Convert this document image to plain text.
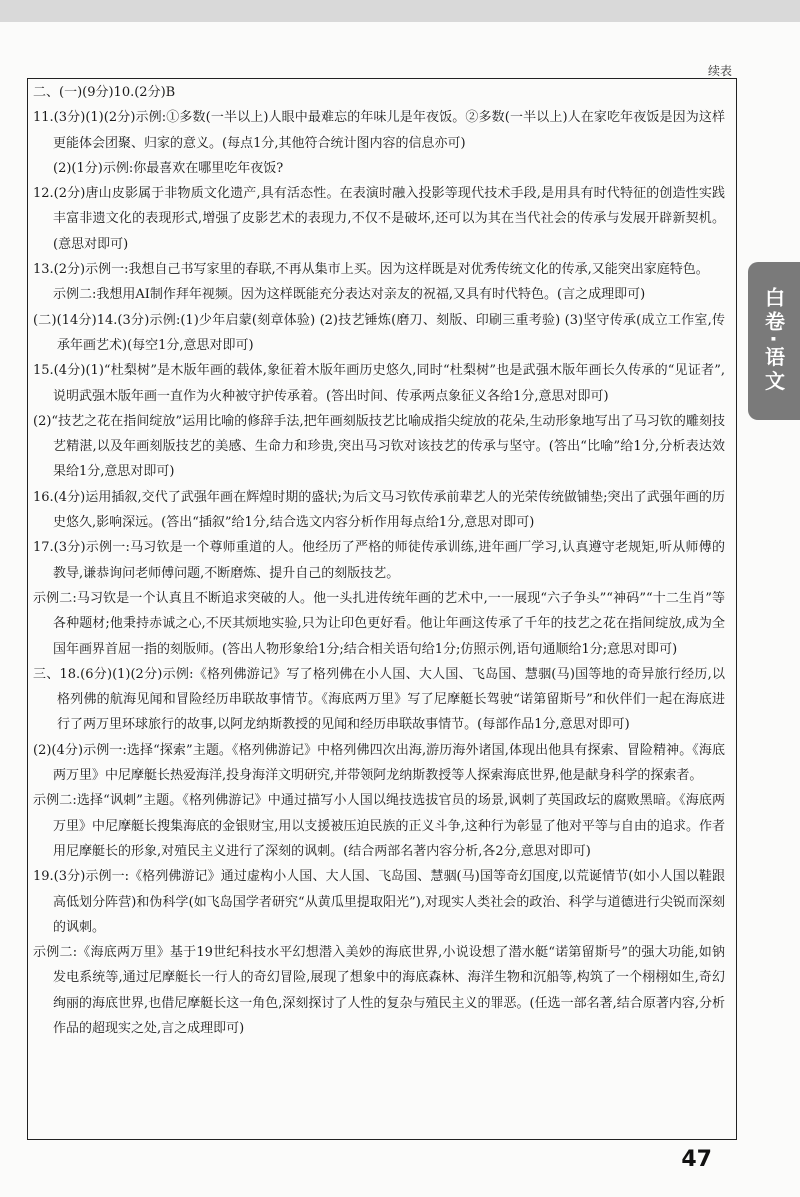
续表
白卷·语文

二、(一)(9分)10.(2分)B

11.(3分)(1)(2分)示例:①多数(一半以上)人眼中最难忘的年味儿是年夜饭。②多数(一半以上)人在家吃年夜饭是因为这样更能体会团聚、归家的意义。(每点1分,其他符合统计图内容的信息亦可)

(2)(1分)示例:你最喜欢在哪里吃年夜饭?

12.(2分)唐山皮影属于非物质文化遗产,具有活态性。在表演时融入投影等现代技术手段,是用具有时代特征的创造性实践丰富非遗文化的表现形式,增强了皮影艺术的表现力,不仅不是破坏,还可以为其在当代社会的传承与发展开辟新契机。(意思对即可)

13.(2分)示例一:我想自己书写家里的春联,不再从集市上买。因为这样既是对优秀传统文化的传承,又能突出家庭特色。

示例二:我想用AI制作拜年视频。因为这样既能充分表达对亲友的祝福,又具有时代特色。(言之成理即可)

(二)(14分)14.(3分)示例:(1)少年启蒙(刻章体验) (2)技艺锤炼(磨刀、刻版、印刷三重考验) (3)坚守传承(成立工作室,传承年画艺术)(每空1分,意思对即可)

15.(4分)(1)“杜梨树”是木版年画的载体,象征着木版年画历史悠久,同时“杜梨树”也是武强木版年画长久传承的“见证者”,说明武强木版年画一直作为火种被守护传承着。(答出时间、传承两点象征义各给1分,意思对即可)

(2)“技艺之花在指间绽放”运用比喻的修辞手法,把年画刻版技艺比喻成指尖绽放的花朵,生动形象地写出了马习钦的雕刻技艺精湛,以及年画刻版技艺的美感、生命力和珍贵,突出马习钦对该技艺的传承与坚守。(答出“比喻”给1分,分析表达效果给1分,意思对即可)

16.(4分)运用插叙,交代了武强年画在辉煌时期的盛状;为后文马习钦传承前辈艺人的光荣传统做铺垫;突出了武强年画的历史悠久,影响深远。(答出“插叙”给1分,结合选文内容分析作用每点给1分,意思对即可)

17.(3分)示例一:马习钦是一个尊师重道的人。他经历了严格的师徒传承训练,进年画厂学习,认真遵守老规矩,听从师傅的教导,谦恭询问老师傅问题,不断磨炼、提升自己的刻版技艺。

示例二:马习钦是一个认真且不断追求突破的人。他一头扎进传统年画的艺术中,一一展现“六子争头”“神码”“十二生肖”等各种题材;他秉持赤诚之心,不厌其烦地实验,只为让印色更好看。他让年画这传承了千年的技艺之花在指间绽放,成为全国年画界首屈一指的刻版师。(答出人物形象给1分;结合相关语句给1分;仿照示例,语句通顺给1分;意思对即可)

三、18.(6分)(1)(2分)示例:《格列佛游记》写了格列佛在小人国、大人国、飞岛国、慧骃(马)国等地的奇异旅行经历,以格列佛的航海见闻和冒险经历串联故事情节。《海底两万里》写了尼摩艇长驾驶“诺第留斯号”和伙伴们一起在海底进行了两万里环球旅行的故事,以阿龙纳斯教授的见闻和经历串联故事情节。(每部作品1分,意思对即可)

(2)(4分)示例一:选择“探索”主题。《格列佛游记》中格列佛四次出海,游历海外诸国,体现出他具有探索、冒险精神。《海底两万里》中尼摩艇长热爱海洋,投身海洋文明研究,并带领阿龙纳斯教授等人探索海底世界,他是献身科学的探索者。

示例二:选择“讽刺”主题。《格列佛游记》中通过描写小人国以绳技选拔官员的场景,讽刺了英国政坛的腐败黑暗。《海底两万里》中尼摩艇长搜集海底的金银财宝,用以支援被压迫民族的正义斗争,这种行为彰显了他对平等与自由的追求。作者用尼摩艇长的形象,对殖民主义进行了深刻的讽刺。(结合两部名著内容分析,各2分,意思对即可)

19.(3分)示例一:《格列佛游记》通过虚构小人国、大人国、飞岛国、慧骃(马)国等奇幻国度,以荒诞情节(如小人国以鞋跟高低划分阵营)和伪科学(如飞岛国学者研究“从黄瓜里提取阳光”),对现实人类社会的政治、科学与道德进行尖锐而深刻的讽刺。

示例二:《海底两万里》基于19世纪科技水平幻想潜入美妙的海底世界,小说设想了潜水艇“诺第留斯号”的强大功能,如钠发电系统等,通过尼摩艇长一行人的奇幻冒险,展现了想象中的海底森林、海洋生物和沉船等,构筑了一个栩栩如生,奇幻绚丽的海底世界,也借尼摩艇长这一角色,深刻探讨了人性的复杂与殖民主义的罪恶。(任选一部名著,结合原著内容,分析作品的超现实之处,言之成理即可)

47
